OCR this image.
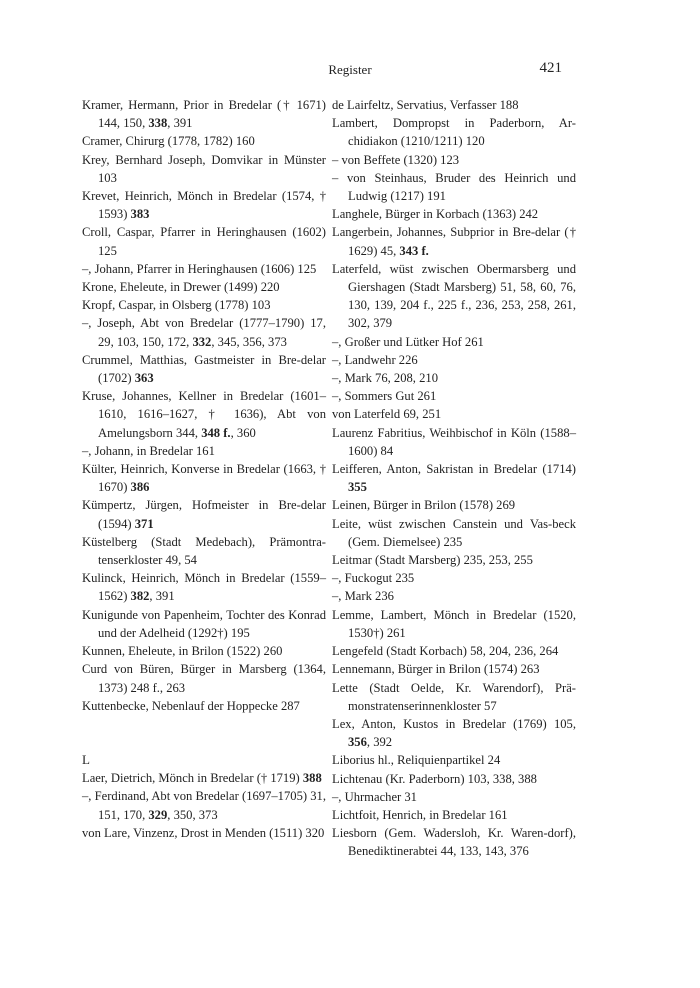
Register	421
Kramer, Hermann, Prior in Bredelar († 1671) 144, 150, 338, 391
Cramer, Chirurg (1778, 1782) 160
Krey, Bernhard Joseph, Domvikar in Münster 103
Krevet, Heinrich, Mönch in Bredelar (1574, † 1593) 383
Croll, Caspar, Pfarrer in Heringhausen (1602) 125
–, Johann, Pfarrer in Heringhausen (1606) 125
Krone, Eheleute, in Drewer (1499) 220
Kropf, Caspar, in Olsberg (1778) 103
–, Joseph, Abt von Bredelar (1777–1790) 17, 29, 103, 150, 172, 332, 345, 356, 373
Crummel, Matthias, Gastmeister in Bre-delar (1702) 363
Kruse, Johannes, Kellner in Bredelar (1601–1610, 1616–1627, † 1636), Abt von Amelungsborn 344, 348 f., 360
–, Johann, in Bredelar 161
Külter, Heinrich, Konverse in Bredelar (1663, † 1670) 386
Kümpertz, Jürgen, Hofmeister in Bre-delar (1594) 371
Küstelberg (Stadt Medebach), Prämontra-tenserkloster 49, 54
Kulinck, Heinrich, Mönch in Bredelar (1559–1562) 382, 391
Kunigunde von Papenheim, Tochter des Konrad und der Adelheid (1292†) 195
Kunnen, Eheleute, in Brilon (1522) 260
Curd von Büren, Bürger in Marsberg (1364, 1373) 248 f., 263
Kuttenbecke, Nebenlauf der Hoppecke 287
L
Laer, Dietrich, Mönch in Bredelar († 1719) 388
–, Ferdinand, Abt von Bredelar (1697–1705) 31, 151, 170, 329, 350, 373
von Lare, Vinzenz, Drost in Menden (1511) 320
de Lairfeltz, Servatius, Verfasser 188
Lambert, Dompropst in Paderborn, Ar-chidiakon (1210/1211) 120
– von Beffete (1320) 123
– von Steinhaus, Bruder des Heinrich und Ludwig (1217) 191
Langhele, Bürger in Korbach (1363) 242
Langerbein, Johannes, Subprior in Bre-delar († 1629) 45, 343 f.
Laterfeld, wüst zwischen Obermarsberg und Giershagen (Stadt Marsberg) 51, 58, 60, 76, 130, 139, 204 f., 225 f., 236, 253, 258, 261, 302, 379
–, Großer und Lütker Hof 261
–, Landwehr 226
–, Mark 76, 208, 210
–, Sommers Gut 261
von Laterfeld 69, 251
Laurenz Fabritius, Weihbischof in Köln (1588–1600) 84
Leifferen, Anton, Sakristan in Bredelar (1714) 355
Leinen, Bürger in Brilon (1578) 269
Leite, wüst zwischen Canstein und Vas-beck (Gem. Diemelsee) 235
Leitmar (Stadt Marsberg) 235, 253, 255
–, Fuckogut 235
–, Mark 236
Lemme, Lambert, Mönch in Bredelar (1520, 1530†) 261
Lengefeld (Stadt Korbach) 58, 204, 236, 264
Lennemann, Bürger in Brilon (1574) 263
Lette (Stadt Oelde, Kr. Warendorf), Prä-monstratenserinnenkloster 57
Lex, Anton, Kustos in Bredelar (1769) 105, 356, 392
Liborius hl., Reliquienpartikel 24
Lichtenau (Kr. Paderborn) 103, 338, 388
–, Uhrmacher 31
Lichtfoit, Henrich, in Bredelar 161
Liesborn (Gem. Wadersloh, Kr. Waren-dorf), Benediktinerabtei 44, 133, 143, 376
